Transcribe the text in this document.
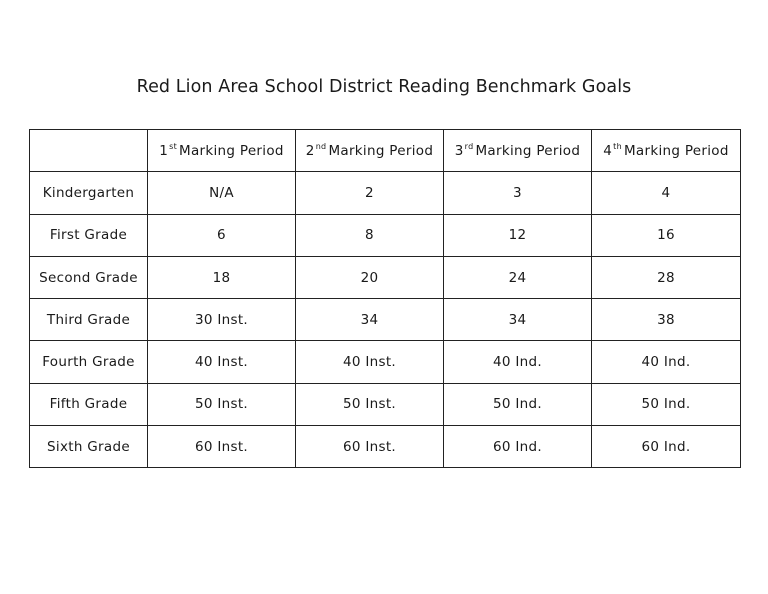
Red Lion Area School District Reading Benchmark Goals
	1st Marking Period	2nd Marking Period	3rd Marking Period	4th Marking Period
Kindergarten	N/A	2	3	4
First Grade	6	8	12	16
Second Grade	18	20	24	28
Third Grade	30 Inst.	34	34	38
Fourth Grade	40 Inst.	40 Inst.	40 Ind.	40 Ind.
Fifth Grade	50 Inst.	50 Inst.	50 Ind.	50 Ind.
Sixth Grade	60 Inst.	60 Inst.	60 Ind.	60 Ind.
